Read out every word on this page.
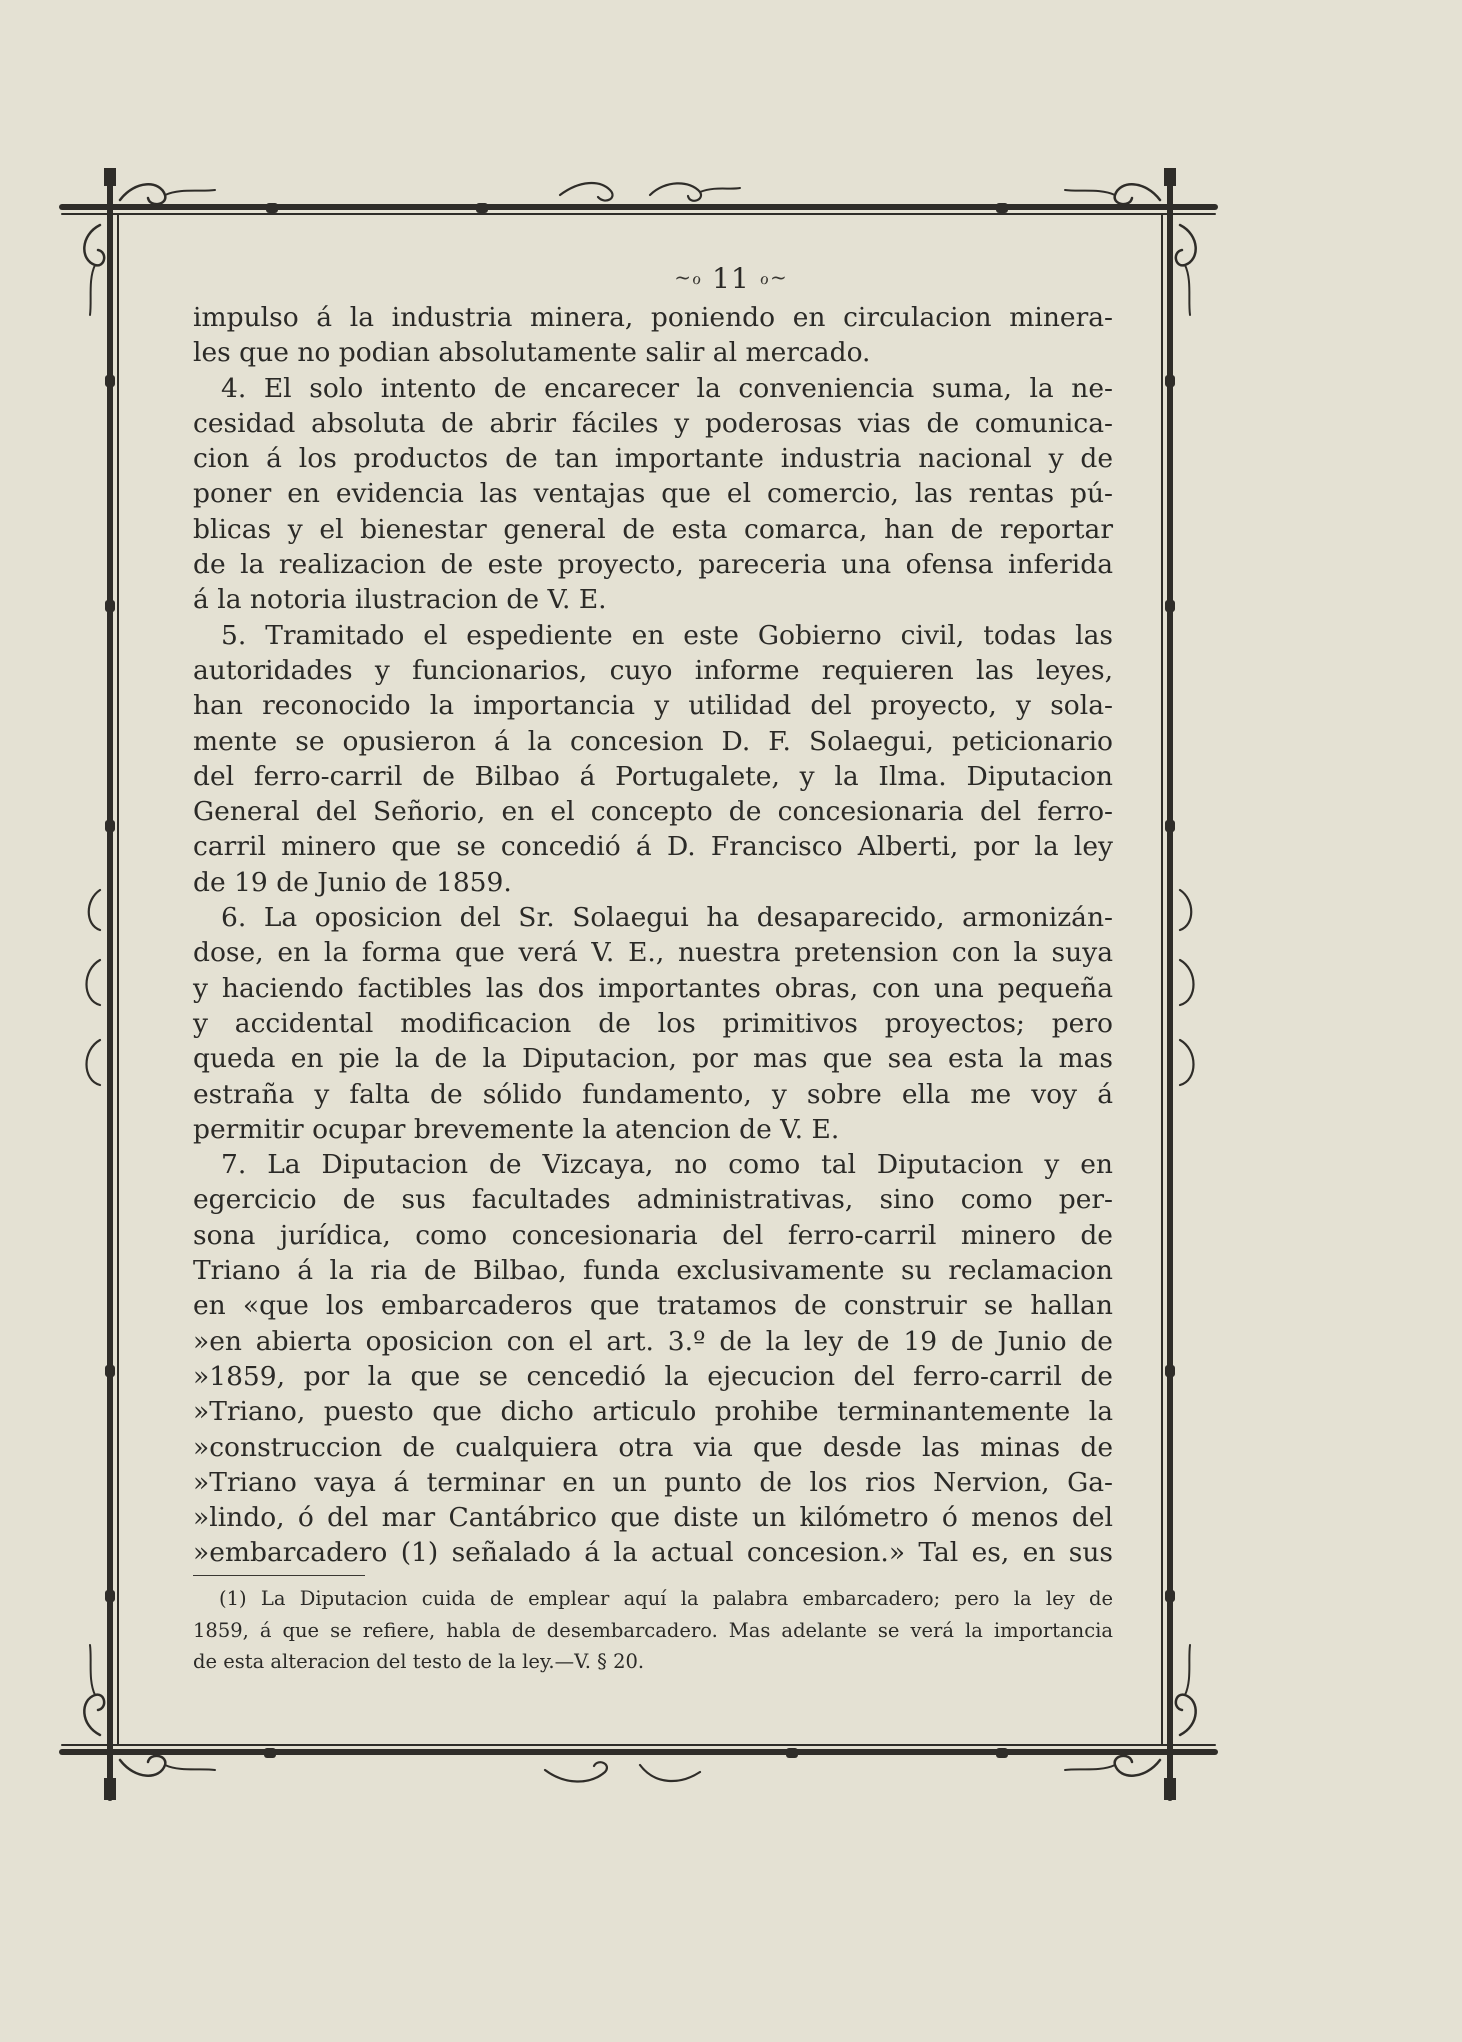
~ℴ 11 ℴ~
impulso á la industria minera, poniendo en circulacion minera-
les que no podian absolutamente salir al mercado.
4. El solo intento de encarecer la conveniencia suma, la ne-
cesidad absoluta de abrir fáciles y poderosas vias de comunica-
cion á los productos de tan importante industria nacional y de
poner en evidencia las ventajas que el comercio, las rentas pú-
blicas y el bienestar general de esta comarca, han de reportar
de la realizacion de este proyecto, pareceria una ofensa inferida
á la notoria ilustracion de V. E.
5. Tramitado el espediente en este Gobierno civil, todas las
autoridades y funcionarios, cuyo informe requieren las leyes,
han reconocido la importancia y utilidad del proyecto, y sola-
mente se opusieron á la concesion D. F. Solaegui, peticionario
del ferro-carril de Bilbao á Portugalete, y la Ilma. Diputacion
General del Señorio, en el concepto de concesionaria del ferro-
carril minero que se concedió á D. Francisco Alberti, por la ley
de 19 de Junio de 1859.
6. La oposicion del Sr. Solaegui ha desaparecido, armonizán-
dose, en la forma que verá V. E., nuestra pretension con la suya
y haciendo factibles las dos importantes obras, con una pequeña
y accidental modificacion de los primitivos proyectos; pero
queda en pie la de la Diputacion, por mas que sea esta la mas
estraña y falta de sólido fundamento, y sobre ella me voy á
permitir ocupar brevemente la atencion de V. E.
7. La Diputacion de Vizcaya, no como tal Diputacion y en
egercicio de sus facultades administrativas, sino como per-
sona jurídica, como concesionaria del ferro-carril minero de
Triano á la ria de Bilbao, funda exclusivamente su reclamacion
en «que los embarcaderos que tratamos de construir se hallan
»en abierta oposicion con el art. 3.º de la ley de 19 de Junio de
»1859, por la que se cencedió la ejecucion del ferro-carril de
»Triano, puesto que dicho articulo prohibe terminantemente la
»construccion de cualquiera otra via que desde las minas de
»Triano vaya á terminar en un punto de los rios Nervion, Ga-
»lindo, ó del mar Cantábrico que diste un kilómetro ó menos del
»embarcadero (1) señalado á la actual concesion.» Tal es, en sus
(1) La Diputacion cuida de emplear aquí la palabra embarcadero; pero la ley de
1859, á que se refiere, habla de desembarcadero. Mas adelante se verá la importancia
de esta alteracion del testo de la ley.—V. § 20.
